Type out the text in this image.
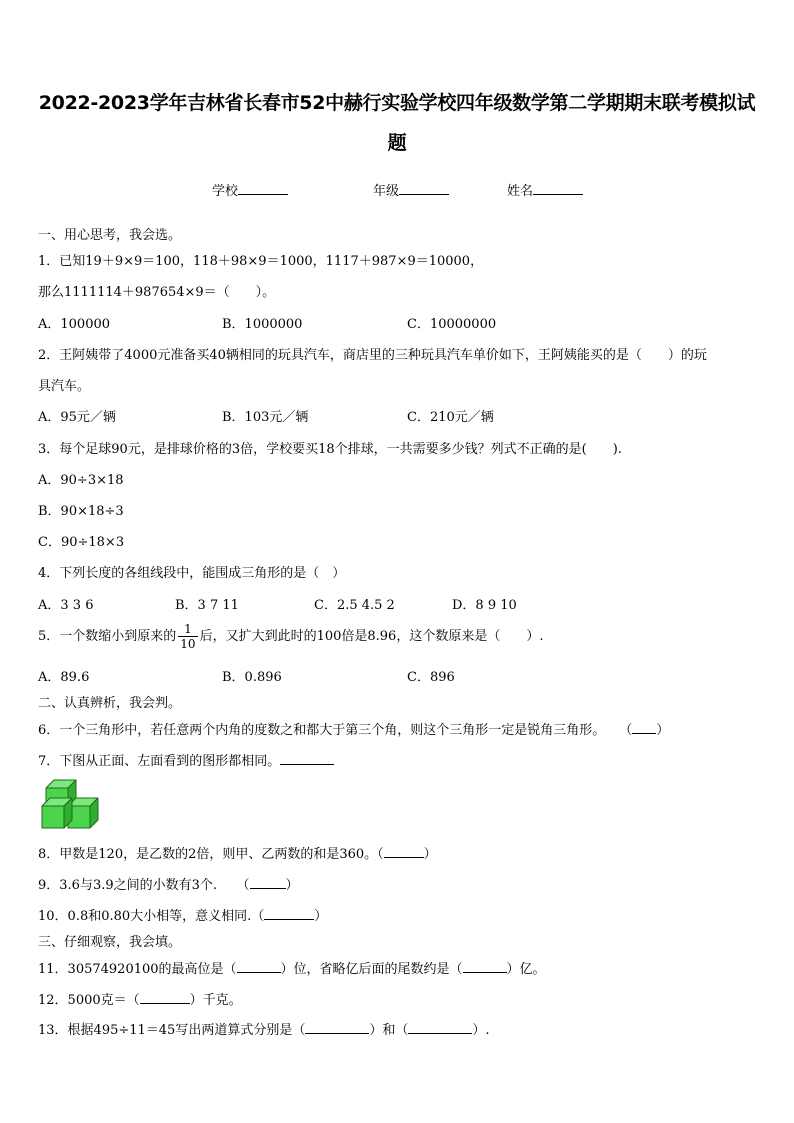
2022-2023学年吉林省长春市52中赫行实验学校四年级数学第二学期期末联考模拟试
题
学校	年级	姓名
一、用心思考，我会选。
1．已知19＋9×9＝100，118＋98×9＝1000，1117＋987×9＝10000，
那么1111114＋987654×9＝（　　）。
A．100000	B．1000000	C．10000000
2．王阿姨带了4000元准备买40辆相同的玩具汽车，商店里的三种玩具汽车单价如下，王阿姨能买的是（　　）的玩
具汽车。
A．95元／辆	B．103元／辆	C．210元／辆
3．每个足球90元，是排球价格的3倍，学校要买18个排球，一共需要多少钱？列式不正确的是(　　).
A．90÷3×18
B．90×18÷3
C．90÷18×3
4．下列长度的各组线段中，能围成三角形的是（　）
A．3 3 6	B．3 7 11	C．2.5 4.5 2	D．8 9 10
5．一个数缩小到原来的 $\frac{1}{10}$ 后，又扩大到此时的100倍是8.96，这个数原来是（　　）.
A．89.6	B．0.896	C．896
二、认真辨析，我会判。
6．一个三角形中，若任意两个内角的度数之和都大于第三个角，则这个三角形一定是锐角三角形。 （ ）
7．下图从正面、左面看到的图形都相同。
8．甲数是120，是乙数的2倍，则甲、乙两数的和是360。（	）
9．3.6与3.9之间的小数有3个.　　（	）
10．0.8和0.80大小相等，意义相同.（	）
三、仔细观察，我会填。
11．30574920100的最高位是（	）位，省略亿后面的尾数约是（	）亿。
12．5000克＝（	）千克。
13．根据495÷11＝45写出两道算式分别是（	）和（	）.
